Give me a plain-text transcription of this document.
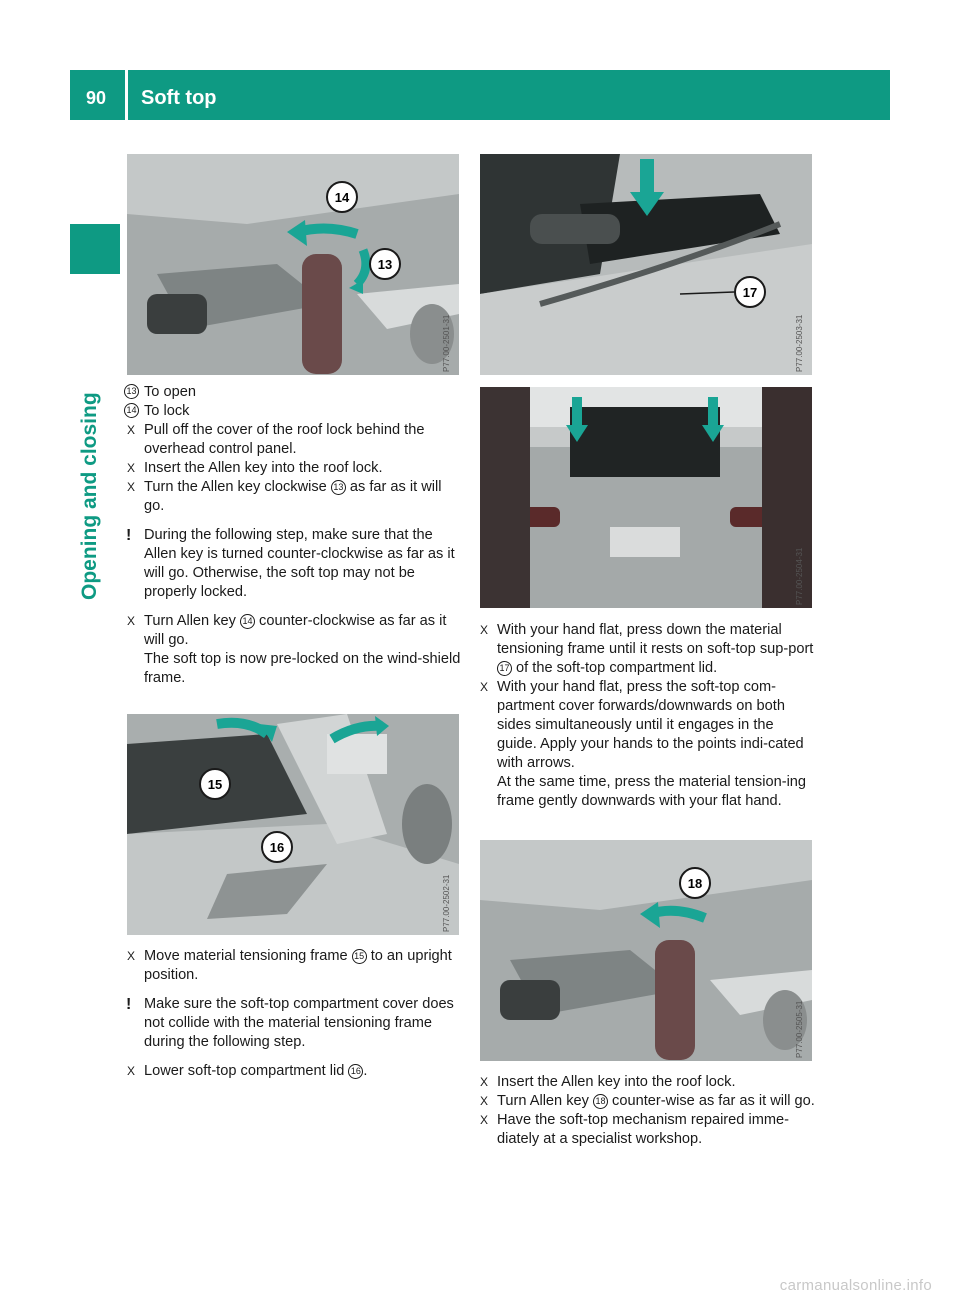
90 Soft top
Opening and closing
14
13
P77.00-2501-31
13 To open
14 To lock
X Pull off the cover of the roof lock behind the overhead control panel.
X Insert the Allen key into the roof lock.
X Turn the Allen key clockwise 13 as far as it will go.
! During the following step, make sure that the Allen key is turned counter-clockwise as far as it will go. Otherwise, the soft top may not be properly locked.
X Turn Allen key 14 counter-clockwise as far as it will go.
The soft top is now pre-locked on the wind-shield frame.
15
16
P77.00-2502-31
X Move material tensioning frame 15 to an upright position.
! Make sure the soft-top compartment cover does not collide with the material tensioning frame during the following step.
X Lower soft-top compartment lid 16 .
17
P77.00-2503-31
P77.00-2504-31
X With your hand flat, press down the material tensioning frame until it rests on soft-top sup-port 17 of the soft-top compartment lid.
X With your hand flat, press the soft-top com-partment cover forwards/downwards on both sides simultaneously until it engages in the guide. Apply your hands to the points indi-cated with arrows.
At the same time, press the material tension-ing frame gently downwards with your flat hand.
18
P77.00-2505-31
X Insert the Allen key into the roof lock.
X Turn Allen key 18 counter-wise as far as it will go.
X Have the soft-top mechanism repaired imme-diately at a specialist workshop.
carmanualsonline.info
